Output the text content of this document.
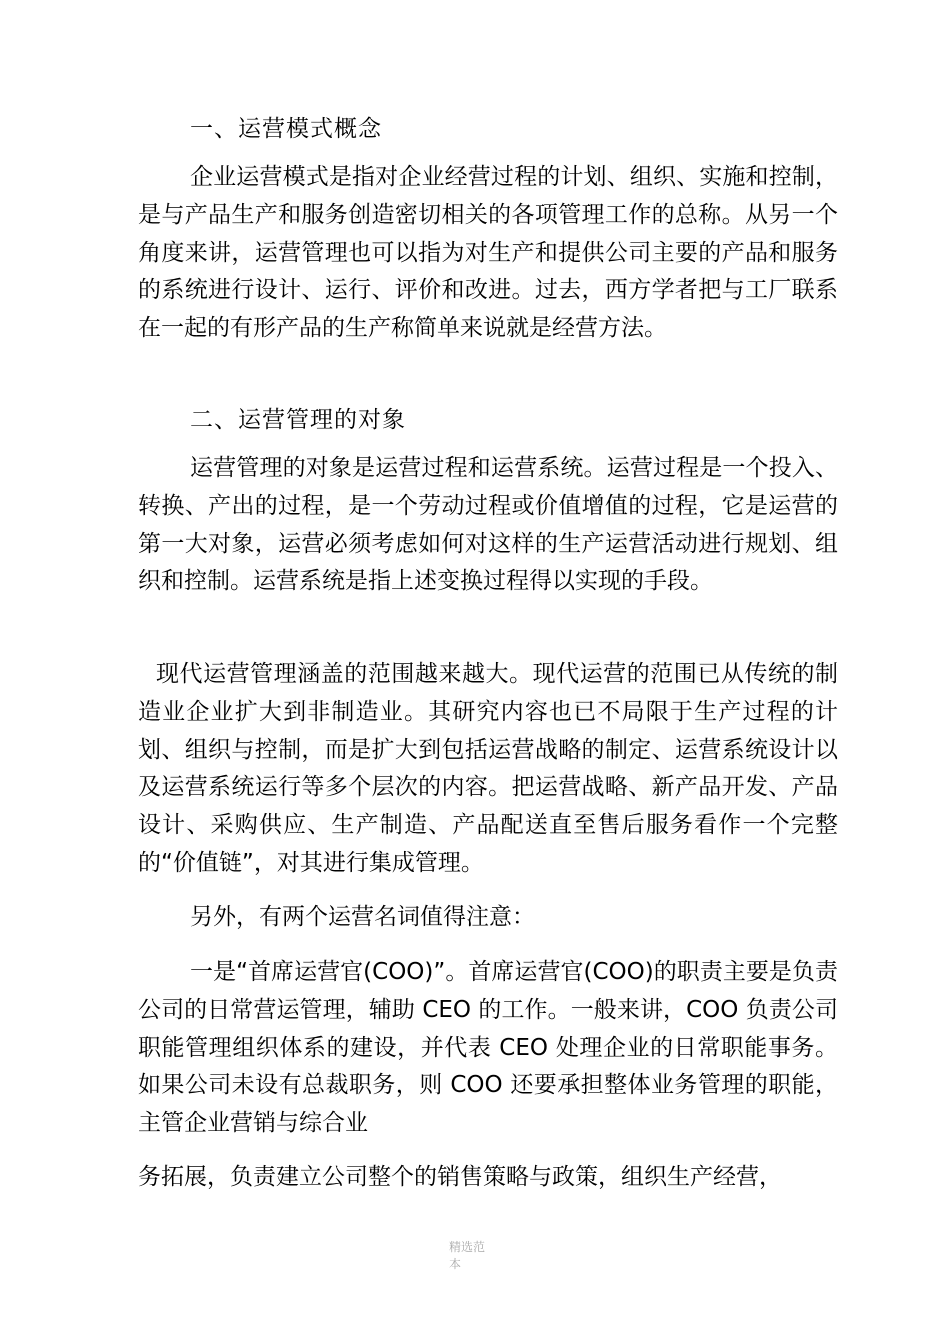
一、运营模式概念
企业运营模式是指对企业经营过程的计划、组织、实施和控制，是与产品生产和服务创造密切相关的各项管理工作的总称。从另一个角度来讲，运营管理也可以指为对生产和提供公司主要的产品和服务的系统进行设计、运行、评价和改进。过去，西方学者把与工厂联系在一起的有形产品的生产称简单来说就是经营方法。
二、运营管理的对象
运营管理的对象是运营过程和运营系统。运营过程是一个投入、转换、产出的过程，是一个劳动过程或价值增值的过程，它是运营的第一大对象，运营必须考虑如何对这样的生产运营活动进行规划、组织和控制。运营系统是指上述变换过程得以实现的手段。
现代运营管理涵盖的范围越来越大。现代运营的范围已从传统的制造业企业扩大到非制造业。其研究内容也已不局限于生产过程的计划、组织与控制，而是扩大到包括运营战略的制定、运营系统设计以及运营系统运行等多个层次的内容。把运营战略、新产品开发、产品设计、采购供应、生产制造、产品配送直至售后服务看作一个完整的“价值链”，对其进行集成管理。
另外，有两个运营名词值得注意：
一是“首席运营官(COO)”。首席运营官(COO)的职责主要是负责公司的日常营运管理，辅助 CEO 的工作。一般来讲，COO 负责公司职能管理组织体系的建设，并代表 CEO 处理企业的日常职能事务。如果公司未设有总裁职务，则 COO 还要承担整体业务管理的职能，主管企业营销与综合业
务拓展，负责建立公司整个的销售策略与政策，组织生产经营，
精选范本
